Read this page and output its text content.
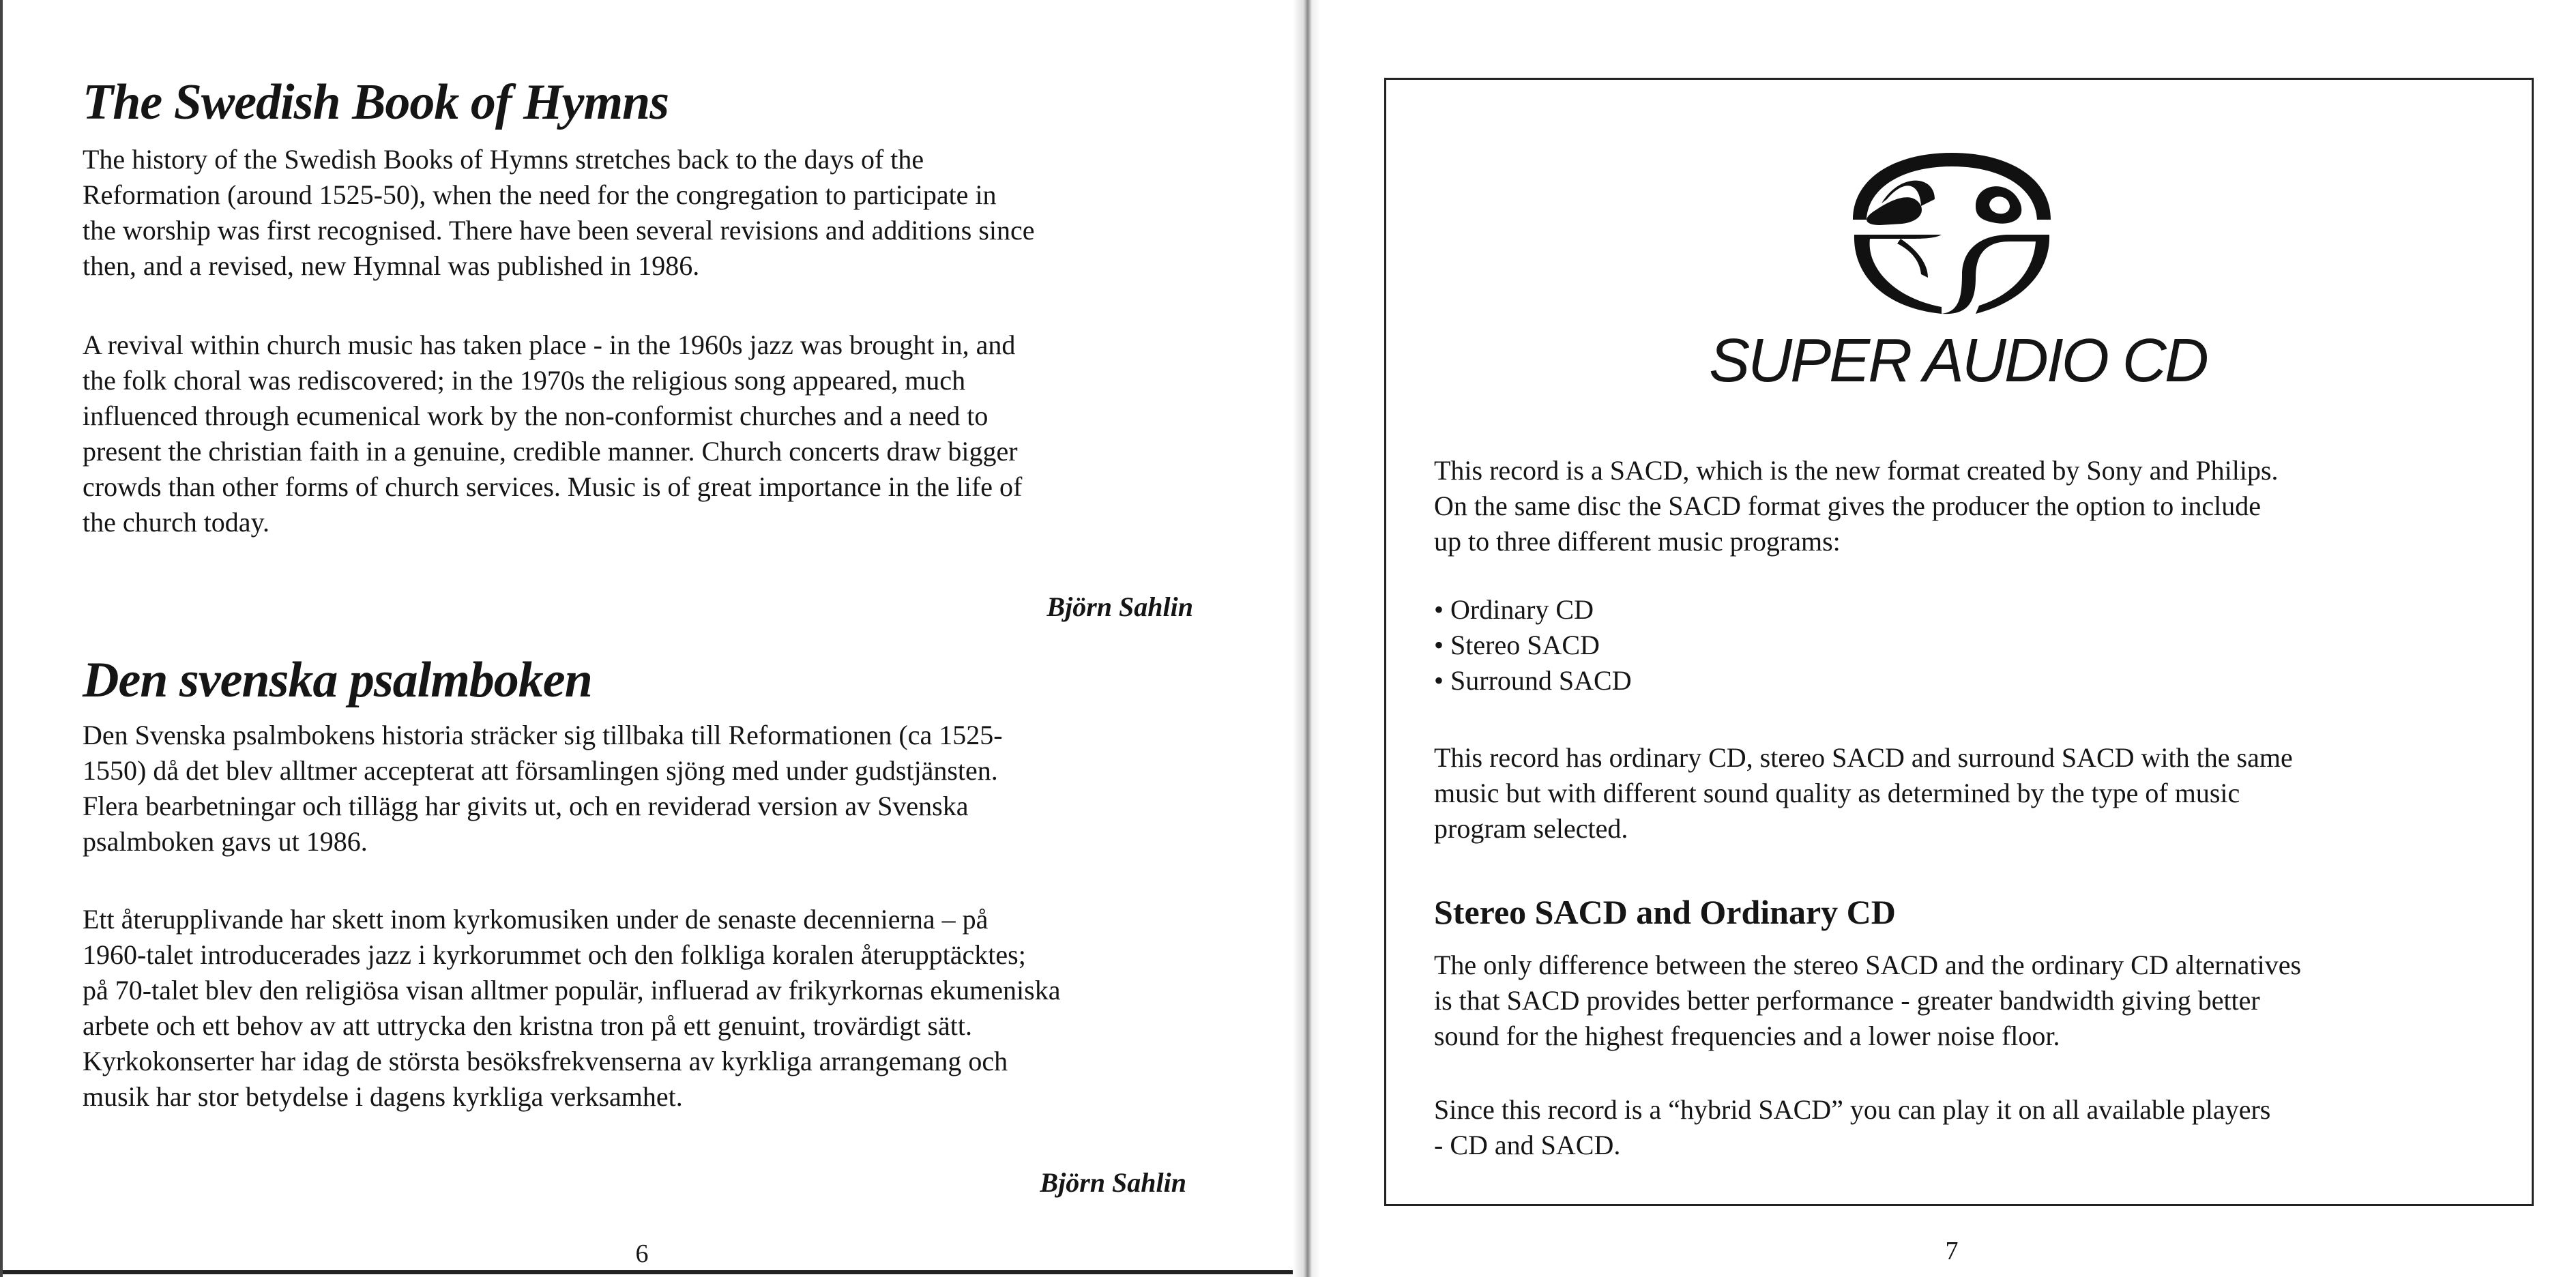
The Swedish Book of Hymns
The history of the Swedish Books of Hymns stretches back to the days of the
Reformation (around 1525-50), when the need for the congregation to participate in
the worship was first recognised. There have been several revisions and additions since
then, and a revised, new Hymnal was published in 1986.
A revival within church music has taken place - in the 1960s jazz was brought in, and
the folk choral was rediscovered; in the 1970s the religious song appeared, much
influenced through ecumenical work by the non-conformist churches and a need to
present the christian faith in a genuine, credible manner. Church concerts draw bigger
crowds than other forms of church services. Music is of great importance in the life of
the church today.
Björn Sahlin
Den svenska psalmboken
Den Svenska psalmbokens historia sträcker sig tillbaka till Reformationen (ca 1525-
1550) då det blev alltmer accepterat att församlingen sjöng med under gudstjänsten.
Flera bearbetningar och tillägg har givits ut, och en reviderad version av Svenska
psalmboken gavs ut 1986.
Ett återupplivande har skett inom kyrkomusiken under de senaste decennierna – på
1960-talet introducerades jazz i kyrkorummet och den folkliga koralen återupptäcktes;
på 70-talet blev den religiösa visan alltmer populär, influerad av frikyrkornas ekumeniska
arbete och ett behov av att uttrycka den kristna tron på ett genuint, trovärdigt sätt.
Kyrkokonserter har idag de största besöksfrekvenserna av kyrkliga arrangemang och
musik har stor betydelse i dagens kyrkliga verksamhet.
Björn Sahlin
6
SUPER AUDIO CD
This record is a SACD, which is the new format created by Sony and Philips.
On the same disc the SACD format gives the producer the option to include
up to three different music programs:
• Ordinary CD
• Stereo SACD
• Surround SACD
This record has ordinary CD, stereo SACD and surround SACD with the same
music but with different sound quality as determined by the type of music
program selected.
Stereo SACD and Ordinary CD
The only difference between the stereo SACD and the ordinary CD alternatives
is that SACD provides better performance - greater bandwidth giving better
sound for the highest frequencies and a lower noise floor.
Since this record is a “hybrid SACD” you can play it on all available players
- CD and SACD.
7
